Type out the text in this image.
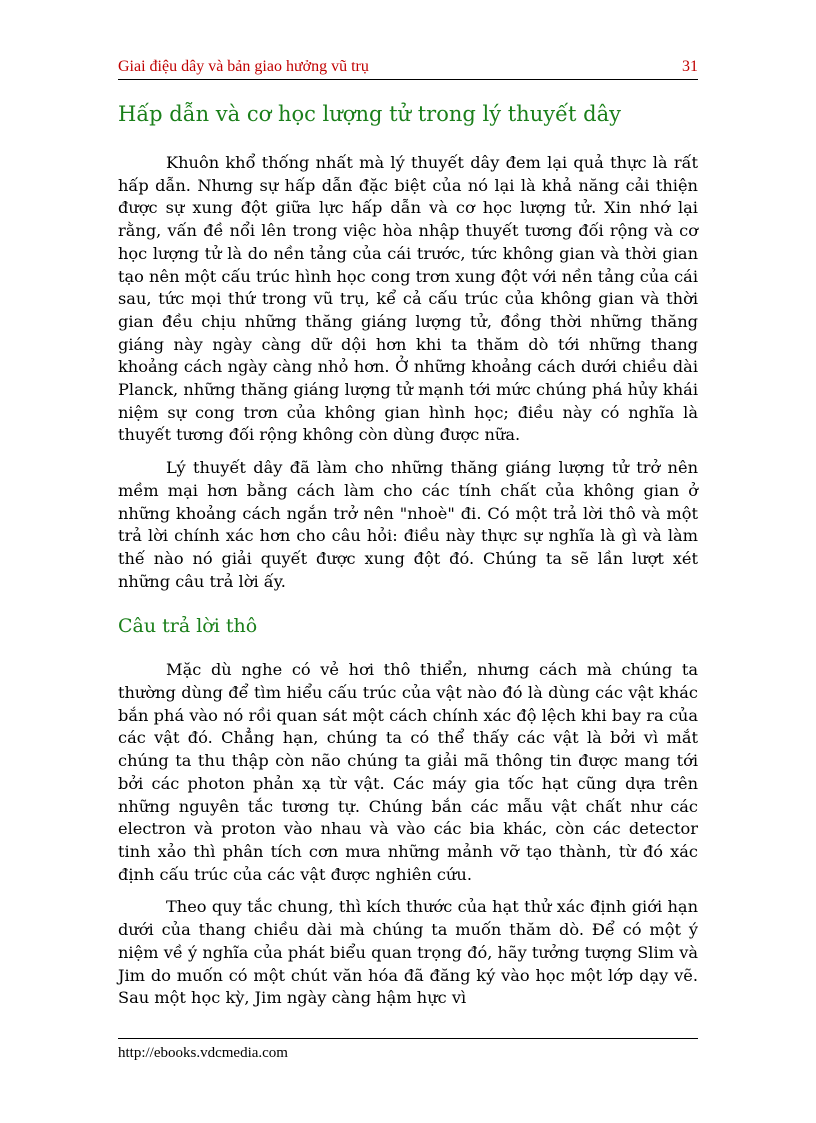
Giai điệu dây và bản giao hưởng vũ trụ	31
Hấp dẫn và cơ học lượng tử trong lý thuyết dây

Khuôn khổ thống nhất mà lý thuyết dây đem lại quả thực là rất hấp dẫn. Nhưng sự hấp dẫn đặc biệt của nó lại là khả năng cải thiện được sự xung đột giữa lực hấp dẫn và cơ học lượng tử. Xin nhớ lại rằng, vấn đề nổi lên trong việc hòa nhập thuyết tương đối rộng và cơ học lượng tử là do nền tảng của cái trước, tức không gian và thời gian tạo nên một cấu trúc hình học cong trơn xung đột với nền tảng của cái sau, tức mọi thứ trong vũ trụ, kể cả cấu trúc của không gian và thời gian đều chịu những thăng giáng lượng tử, đồng thời những thăng giáng này ngày càng dữ dội hơn khi ta thăm dò tới những thang khoảng cách ngày càng nhỏ hơn. Ở những khoảng cách dưới chiều dài Planck, những thăng giáng lượng tử mạnh tới mức chúng phá hủy khái niệm sự cong trơn của không gian hình học; điều này có nghĩa là thuyết tương đối rộng không còn dùng được nữa.

Lý thuyết dây đã làm cho những thăng giáng lượng tử trở nên mềm mại hơn bằng cách làm cho các tính chất của không gian ở những khoảng cách ngắn trở nên "nhoè" đi. Có một trả lời thô và một trả lời chính xác hơn cho câu hỏi: điều này thực sự nghĩa là gì và làm thế nào nó giải quyết được xung đột đó. Chúng ta sẽ lần lượt xét những câu trả lời ấy.

Câu trả lời thô

Mặc dù nghe có vẻ hơi thô thiển, nhưng cách mà chúng ta thường dùng để tìm hiểu cấu trúc của vật nào đó là dùng các vật khác bắn phá vào nó rồi quan sát một cách chính xác độ lệch khi bay ra của các vật đó. Chẳng hạn, chúng ta có thể thấy các vật là bởi vì mắt chúng ta thu thập còn não chúng ta giải mã thông tin được mang tới bởi các photon phản xạ từ vật. Các máy gia tốc hạt cũng dựa trên những nguyên tắc tương tự. Chúng bắn các mẫu vật chất như các electron và proton vào nhau và vào các bia khác, còn các detector tinh xảo thì phân tích cơn mưa những mảnh vỡ tạo thành, từ đó xác định cấu trúc của các vật được nghiên cứu.

Theo quy tắc chung, thì kích thước của hạt thử xác định giới hạn dưới của thang chiều dài mà chúng ta muốn thăm dò. Để có một ý niệm về ý nghĩa của phát biểu quan trọng đó, hãy tưởng tượng Slim và Jim do muốn có một chút văn hóa đã đăng ký vào học một lớp dạy vẽ. Sau một học kỳ, Jim ngày càng hậm hực vì

http://ebooks.vdcmedia.com
